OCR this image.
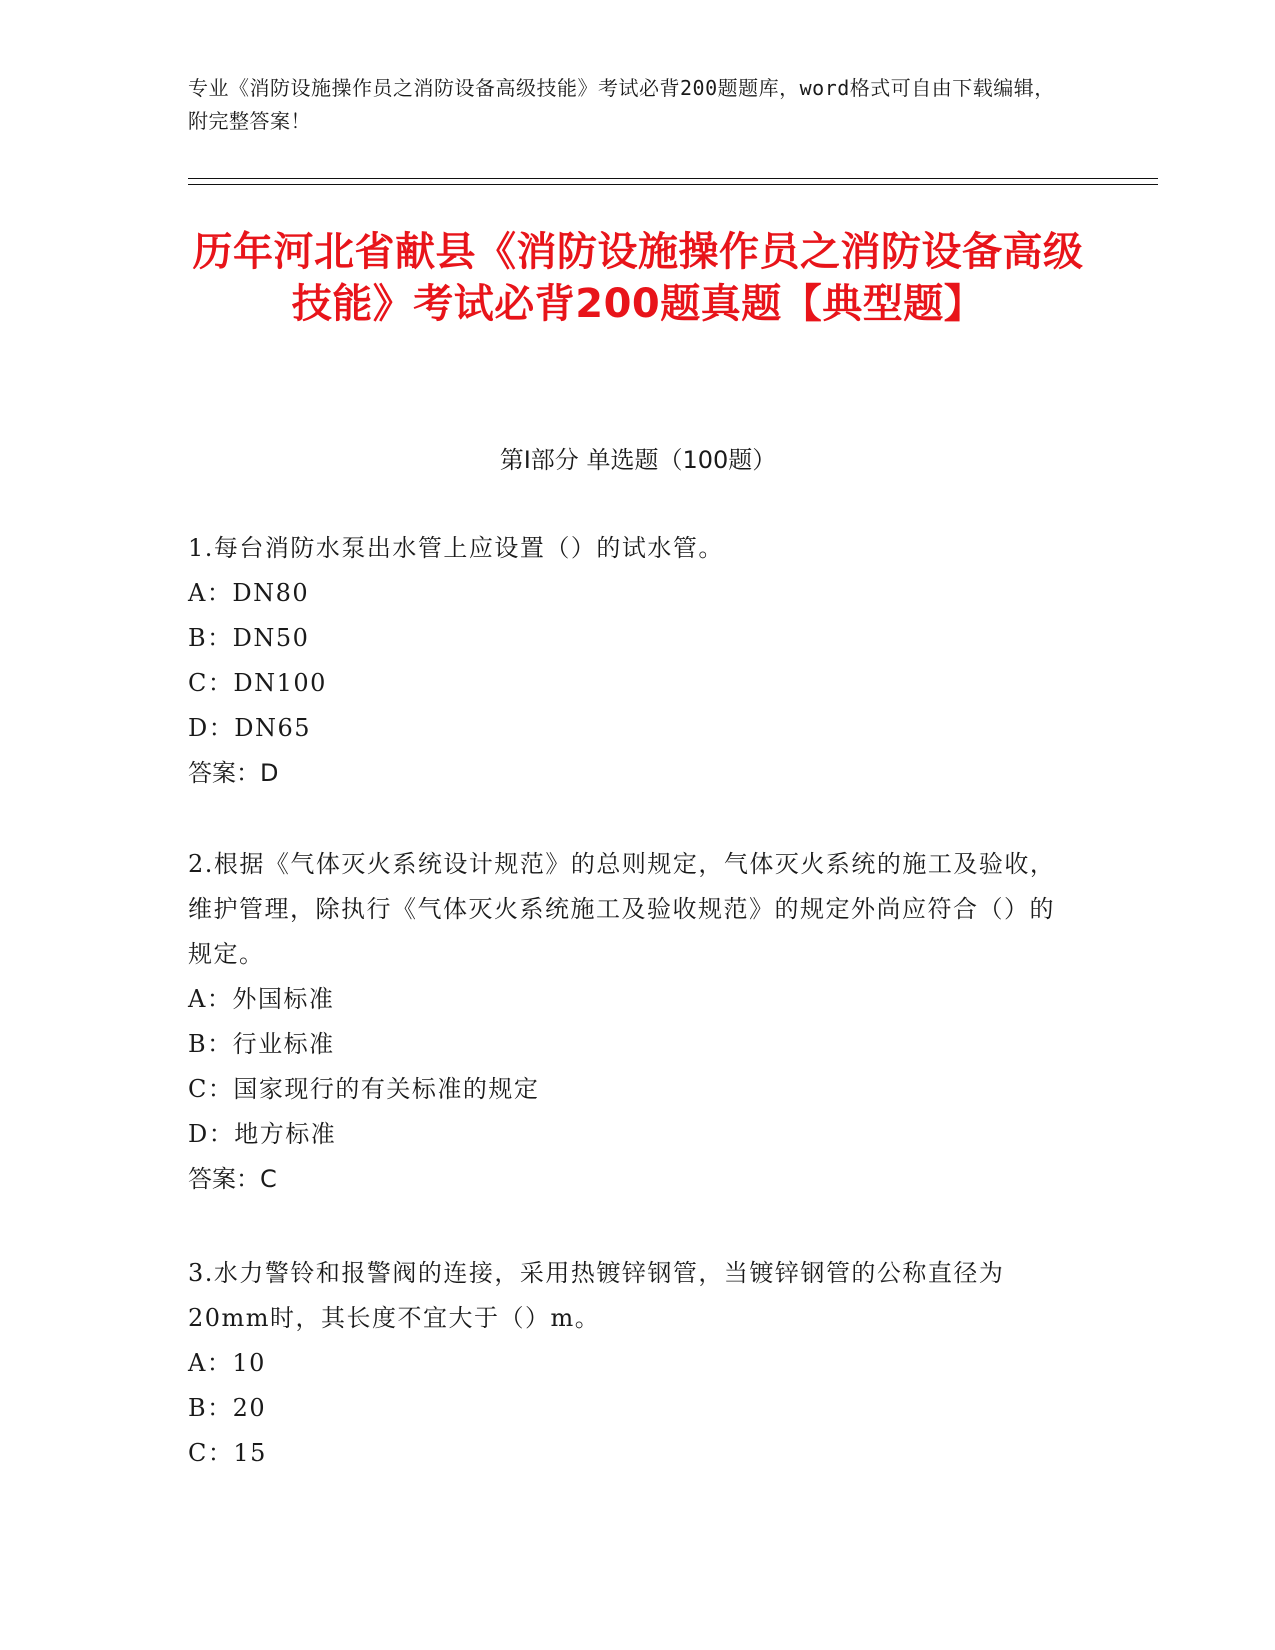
专业《消防设施操作员之消防设备高级技能》考试必背200题题库，word格式可自由下载编辑，附完整答案！
历年河北省献县《消防设施操作员之消防设备高级技能》考试必背200题真题【典型题】
第I部分 单选题（100题）
1.每台消防水泵出水管上应设置（）的试水管。
A：DN80
B：DN50
C：DN100
D：DN65
答案：D
2.根据《气体灭火系统设计规范》的总则规定，气体灭火系统的施工及验收，维护管理，除执行《气体灭火系统施工及验收规范》的规定外尚应符合（）的规定。
A：外国标准
B：行业标准
C：国家现行的有关标准的规定
D：地方标准
答案：C
3.水力警铃和报警阀的连接，采用热镀锌钢管，当镀锌钢管的公称直径为20mm时，其长度不宜大于（）m。
A：10
B：20
C：15
